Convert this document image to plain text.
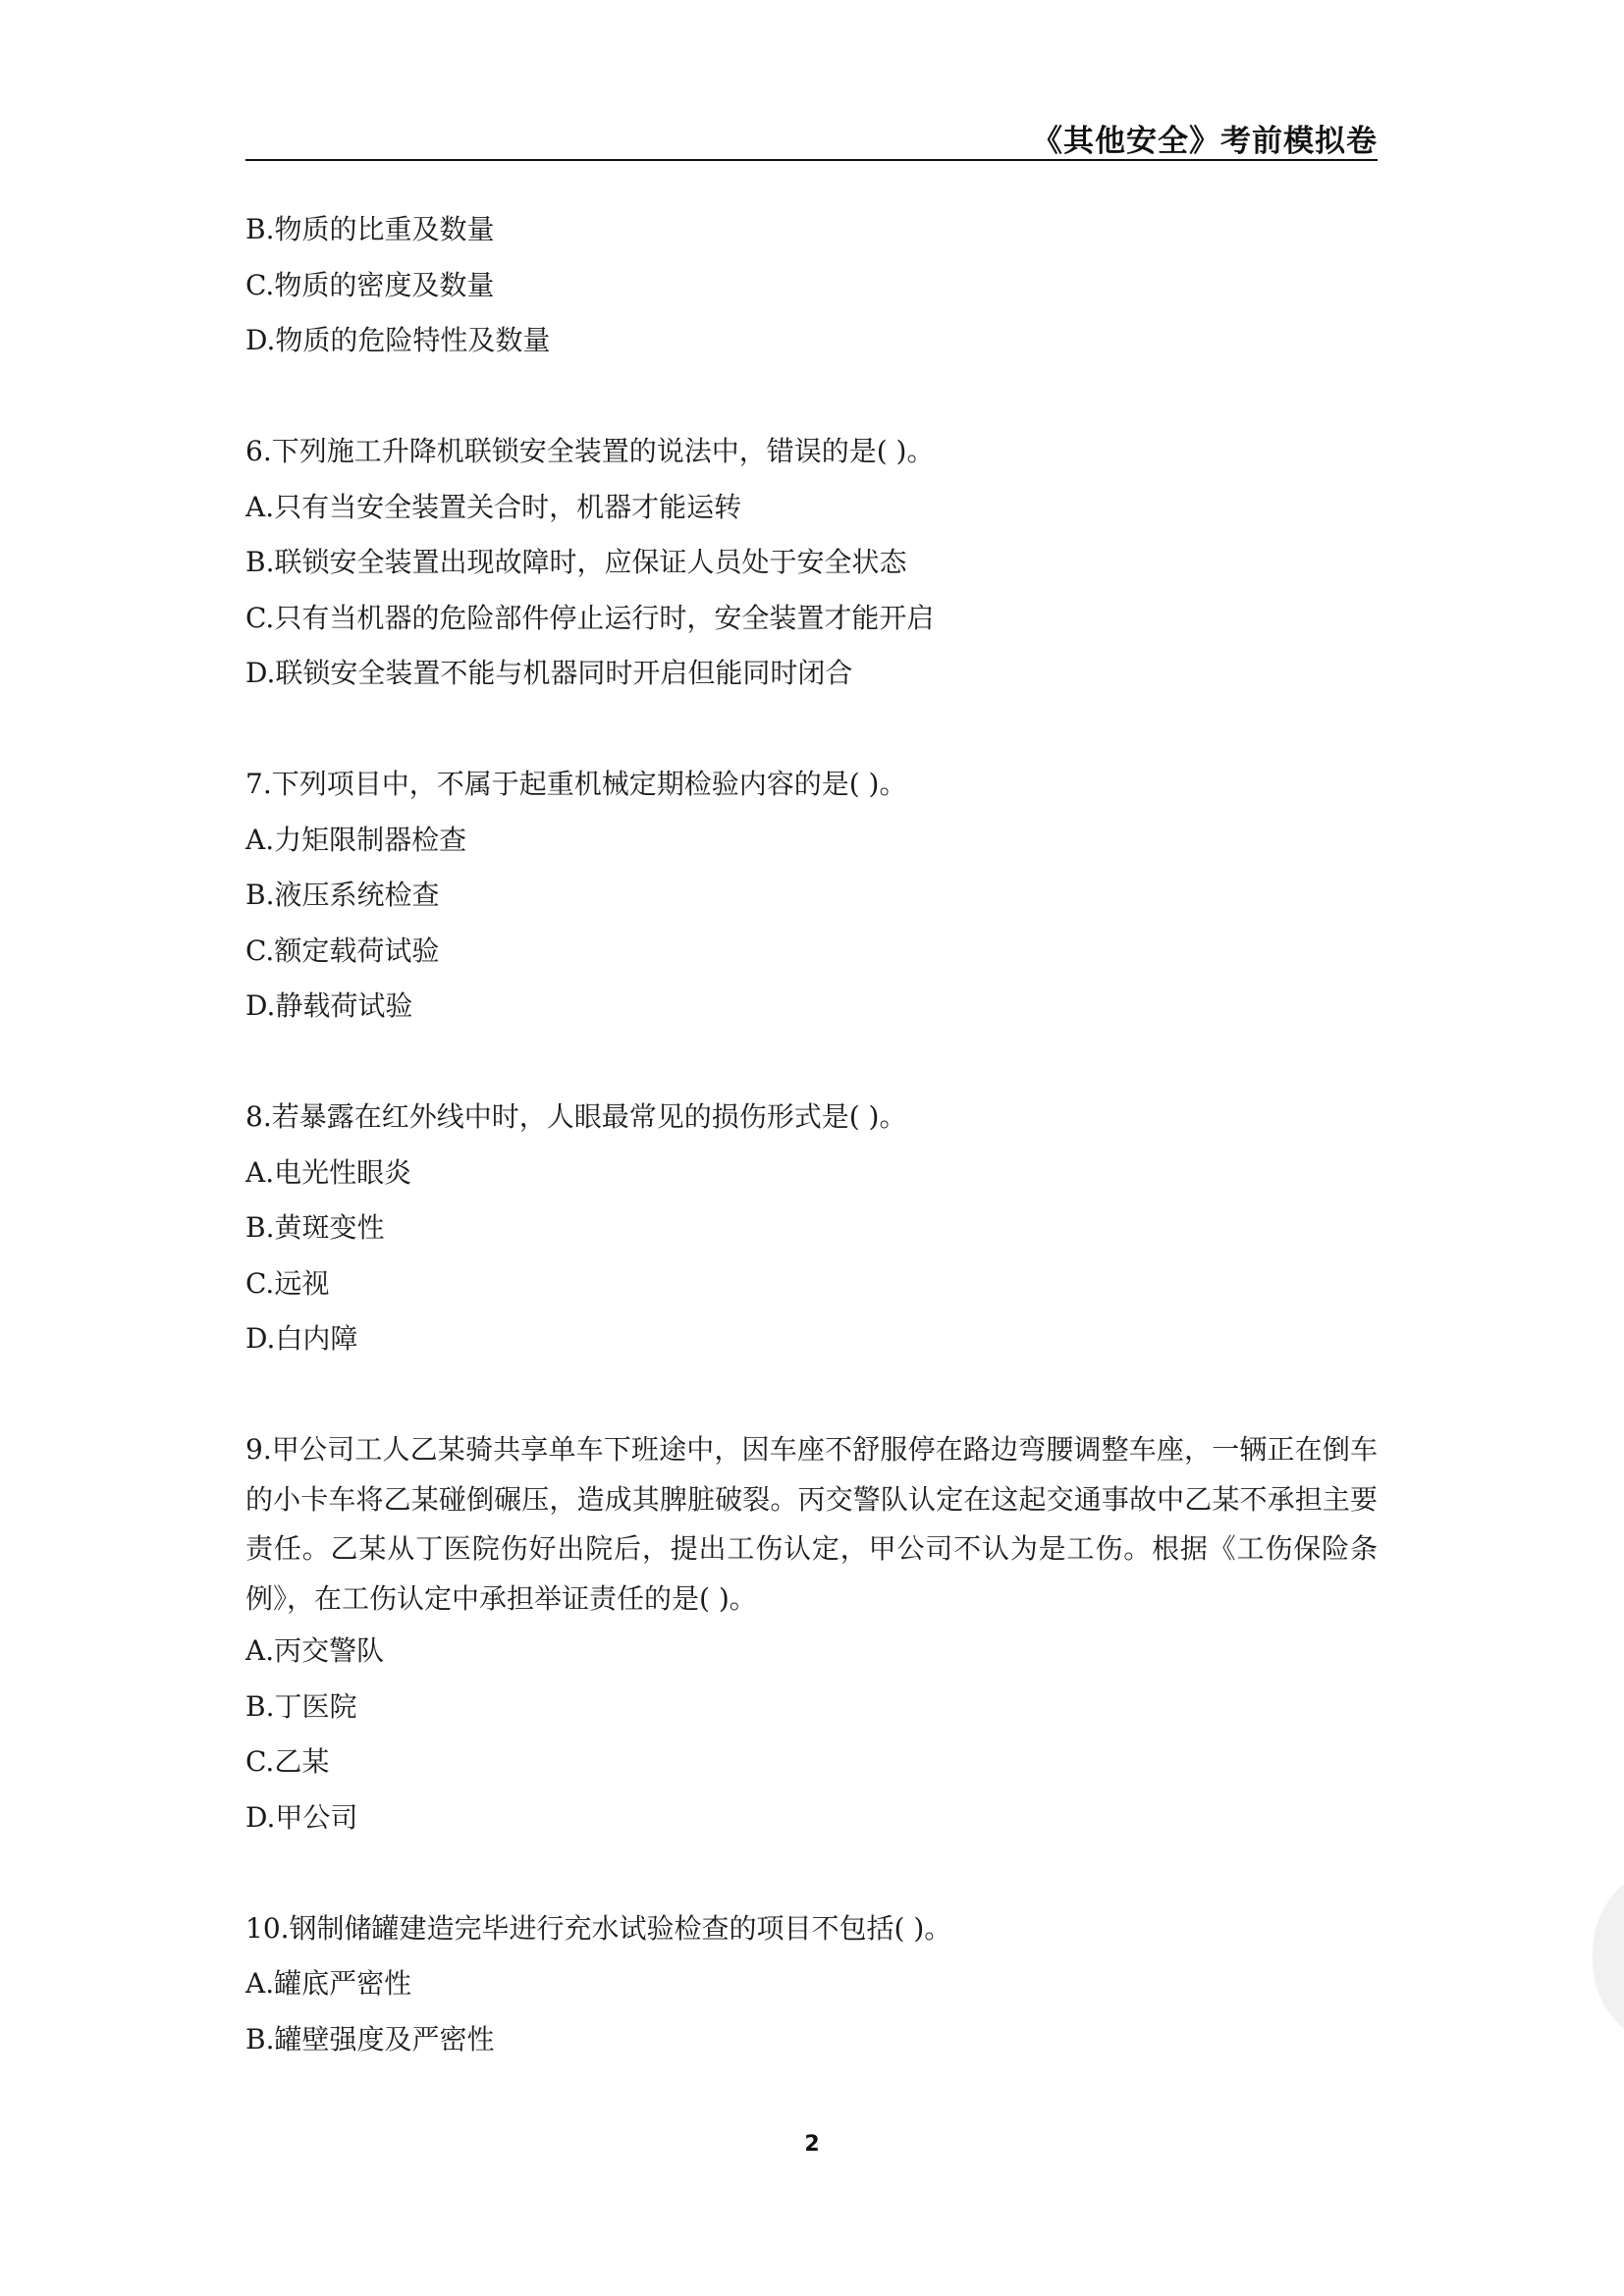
《其他安全》考前模拟卷
B.物质的比重及数量
C.物质的密度及数量
D.物质的危险特性及数量
6.下列施工升降机联锁安全装置的说法中，错误的是( )。
A.只有当安全装置关合时，机器才能运转
B.联锁安全装置出现故障时，应保证人员处于安全状态
C.只有当机器的危险部件停止运行时，安全装置才能开启
D.联锁安全装置不能与机器同时开启但能同时闭合
7.下列项目中，不属于起重机械定期检验内容的是( )。
A.力矩限制器检查
B.液压系统检查
C.额定载荷试验
D.静载荷试验
8.若暴露在红外线中时，人眼最常见的损伤形式是( )。
A.电光性眼炎
B.黄斑变性
C.远视
D.白内障
9.甲公司工人乙某骑共享单车下班途中，因车座不舒服停在路边弯腰调整车座，一辆正在倒车的小卡车将乙某碰倒碾压，造成其脾脏破裂。丙交警队认定在这起交通事故中乙某不承担主要责任。乙某从丁医院伤好出院后，提出工伤认定，甲公司不认为是工伤。根据《工伤保险条例》，在工伤认定中承担举证责任的是( )。
A.丙交警队
B.丁医院
C.乙某
D.甲公司
10.钢制储罐建造完毕进行充水试验检查的项目不包括( )。
A.罐底严密性
B.罐壁强度及严密性
2
